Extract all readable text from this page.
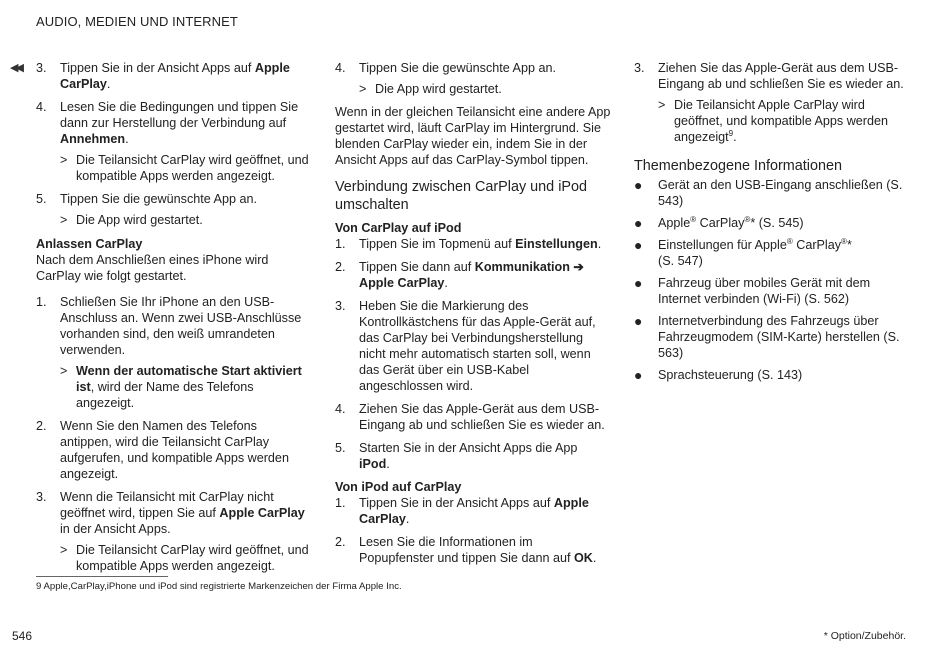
AUDIO, MEDIEN UND INTERNET
◀◀ 3.	Tippen Sie in der Ansicht Apps auf Apple CarPlay.
4.	Lesen Sie die Bedingungen und tippen Sie dann zur Herstellung der Verbindung auf Annehmen.
> Die Teilansicht CarPlay wird geöffnet, und kompatible Apps werden angezeigt.
5.	Tippen Sie die gewünschte App an.
> Die App wird gestartet.
Anlassen CarPlay
Nach dem Anschließen eines iPhone wird CarPlay wie folgt gestartet.
1.	Schließen Sie Ihr iPhone an den USB-Anschluss an. Wenn zwei USB-Anschlüsse vorhanden sind, den weiß umrandeten verwenden.
> Wenn der automatische Start aktiviert ist, wird der Name des Telefons angezeigt.
2.	Wenn Sie den Namen des Telefons antippen, wird die Teilansicht CarPlay aufgerufen, und kompatible Apps werden angezeigt.
3.	Wenn die Teilansicht mit CarPlay nicht geöffnet wird, tippen Sie auf Apple CarPlay in der Ansicht Apps.
> Die Teilansicht CarPlay wird geöffnet, und kompatible Apps werden angezeigt.
4.	Tippen Sie die gewünschte App an.
> Die App wird gestartet.
Wenn in der gleichen Teilansicht eine andere App gestartet wird, läuft CarPlay im Hintergrund. Sie blenden CarPlay wieder ein, indem Sie in der Ansicht Apps auf das CarPlay-Symbol tippen.
Verbindung zwischen CarPlay und iPod umschalten
Von CarPlay auf iPod
1.	Tippen Sie im Topmenü auf Einstellungen.
2.	Tippen Sie dann auf Kommunikation ➔ Apple CarPlay.
3.	Heben Sie die Markierung des Kontrollkästchens für das Apple-Gerät auf, das CarPlay bei Verbindungsherstellung nicht mehr automatisch starten soll, wenn das Gerät über ein USB-Kabel angeschlossen wird.
4.	Ziehen Sie das Apple-Gerät aus dem USB-Eingang ab und schließen Sie es wieder an.
5.	Starten Sie in der Ansicht Apps die App iPod.
Von iPod auf CarPlay
1.	Tippen Sie in der Ansicht Apps auf Apple CarPlay.
2.	Lesen Sie die Informationen im Popupfenster und tippen Sie dann auf OK.
3.	Ziehen Sie das Apple-Gerät aus dem USB-Eingang ab und schließen Sie es wieder an.
> Die Teilansicht Apple CarPlay wird geöffnet, und kompatible Apps werden angezeigt$^9$.
Themenbezogene Informationen
●	Gerät an den USB-Eingang anschließen (S. 543)
●	Apple® CarPlay®* (S. 545)
●	Einstellungen für Apple® CarPlay®*
(S. 547)
●	Fahrzeug über mobiles Gerät mit dem Internet verbinden (Wi-Fi) (S. 562)
●	Internetverbindung des Fahrzeugs über Fahrzeugmodem (SIM-Karte) herstellen (S. 563)
●	Sprachsteuerung (S. 143)
9 Apple,CarPlay,iPhone und iPod sind registrierte Markenzeichen der Firma Apple Inc.
546	* Option/Zubehör.
